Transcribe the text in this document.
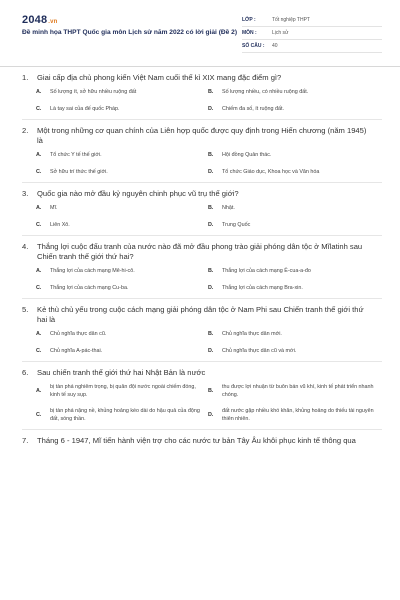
2048.vn
Đề minh họa THPT Quốc gia môn Lịch sử năm 2022 có lời giải (Đề 2)
LỚP :	Tốt nghiệp THPT
MÔN :	Lịch sử
SỐ CÂU :	40
1.	Giai cấp địa chủ phong kiến Việt Nam cuối thế kỉ XIX mang đặc điểm gì?
A.	Số lượng ít, sở hữu nhiều ruộng đất	B.	Số lượng nhiều, có nhiều ruộng đất.
C.	Là tay sai của đế quốc Pháp.	D.	Chiếm đa số, ít ruộng đất.
2.	Một trong những cơ quan chính của Liên hợp quốc được quy định trong Hiến chương (năm 1945) là
A.	Tổ chức Y tế thế giới.	B.	Hội đồng Quản thác.
C.	Sở hữu trí thức thế giới.	D.	Tổ chức Giáo dục, Khoa học và Văn hóa
3.	Quốc gia nào mở đầu kỷ nguyên chinh phục vũ trụ thế giới?
A.	Mĩ.	B.	Nhật.
C.	Liên Xô.	D.	Trung Quốc
4.	Thắng lợi cuộc đấu tranh của nước nào đã mở đầu phong trào giải phóng dân tộc ở Mĩlatinh sau Chiến tranh thế giới thứ hai?
A.	Thắng lợi của cách mạng Mê-hi-cô.	B.	Thắng lợi của cách mạng Ê-cua-a-đo
C.	Thắng lợi của cách mạng Cu-ba.	D.	Thắng lợi của cách mạng Bra-xin.
5.	Kẻ thù chủ yếu trong cuộc cách mạng giải phóng dân tộc ở Nam Phi sau Chiến tranh thế giới thứ hai là
A.	Chủ nghĩa thực dân cũ.	B.	Chủ nghĩa thực dân mới.
C.	Chủ nghĩa A-pác-thai.	D.	Chủ nghĩa thực dân cũ và mới.
6.	Sau chiến tranh thế giới thứ hai Nhật Bản là nước
A.
bị tàn phá nghiêm trọng, bị quân đội nước ngoài chiếm đóng, kinh tế suy sụp.
B.
thu được lợi nhuận từ buôn bán vũ khí, kinh tế phát triển nhanh chóng.
C.
bị tàn phá nặng nề, khủng hoảng kéo dài do hậu quả của động đất, sóng thần.
D.
đất nước gặp nhiều khó khăn, khủng hoảng do thiếu tài nguyên thiên nhiên.
7.	Tháng 6 - 1947, Mĩ tiến hành viện trợ cho các nước tư bản Tây Âu khôi phục kinh tế thông qua
